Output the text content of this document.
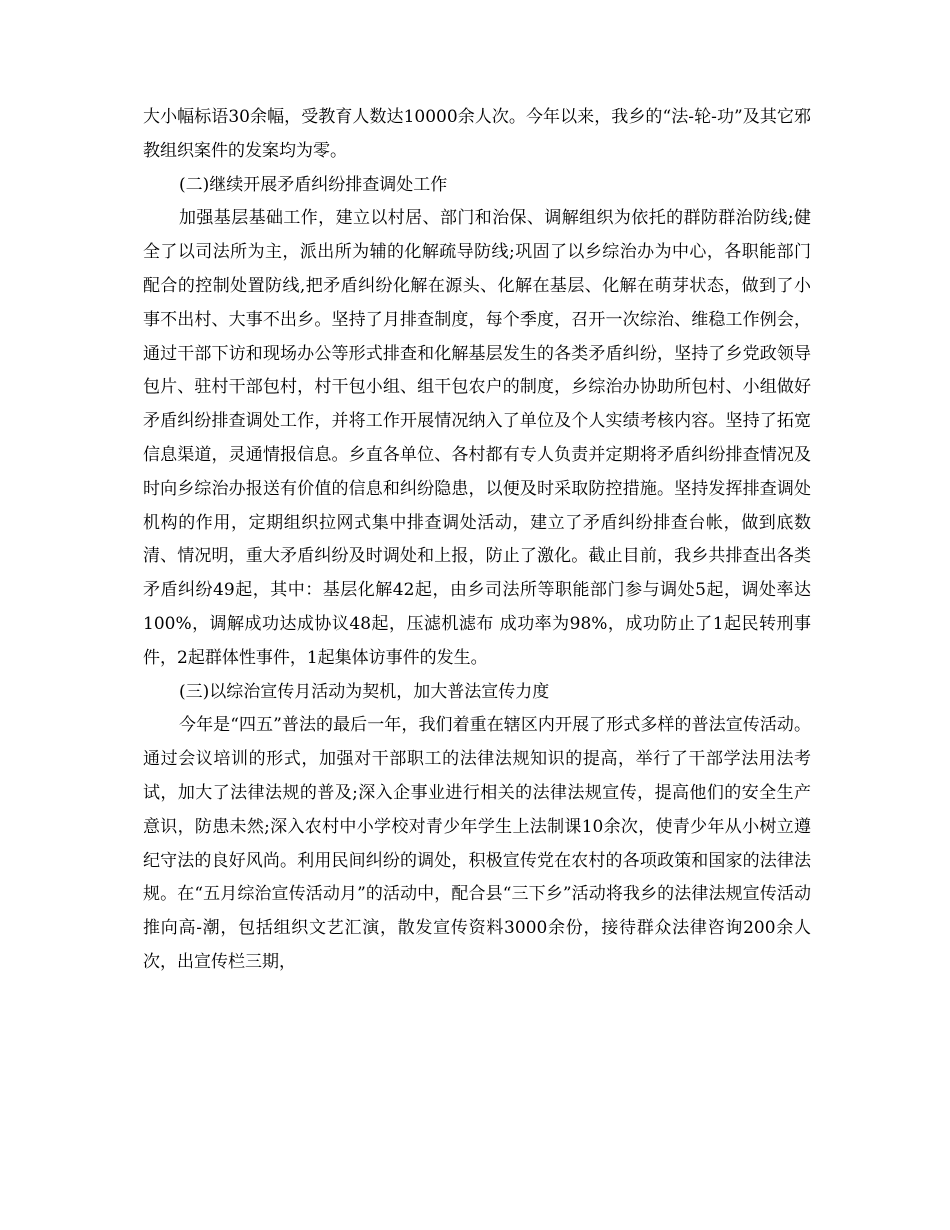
大小幅标语30余幅，受教育人数达10000余人次。今年以来，我乡的“法-轮-功”及其它邪教组织案件的发案均为零。

(二)继续开展矛盾纠纷排查调处工作

加强基层基础工作，建立以村居、部门和治保、调解组织为依托的群防群治防线;健全了以司法所为主，派出所为辅的化解疏导防线;巩固了以乡综治办为中心，各职能部门配合的控制处置防线,把矛盾纠纷化解在源头、化解在基层、化解在萌芽状态，做到了小事不出村、大事不出乡。坚持了月排查制度，每个季度，召开一次综治、维稳工作例会，通过干部下访和现场办公等形式排查和化解基层发生的各类矛盾纠纷，坚持了乡党政领导包片、驻村干部包村，村干包小组、组干包农户的制度，乡综治办协助所包村、小组做好矛盾纠纷排查调处工作，并将工作开展情况纳入了单位及个人实绩考核内容。坚持了拓宽信息渠道，灵通情报信息。乡直各单位、各村都有专人负责并定期将矛盾纠纷排查情况及时向乡综治办报送有价值的信息和纠纷隐患，以便及时采取防控措施。坚持发挥排查调处机构的作用，定期组织拉网式集中排查调处活动，建立了矛盾纠纷排查台帐，做到底数清、情况明，重大矛盾纠纷及时调处和上报，防止了激化。截止目前，我乡共排查出各类矛盾纠纷49起，其中：基层化解42起，由乡司法所等职能部门参与调处5起，调处率达100%，调解成功达成协议48起，压滤机滤布 成功率为98%，成功防止了1起民转刑事件，2起群体性事件，1起集体访事件的发生。

(三)以综治宣传月活动为契机，加大普法宣传力度

今年是“四五”普法的最后一年，我们着重在辖区内开展了形式多样的普法宣传活动。通过会议培训的形式，加强对干部职工的法律法规知识的提高，举行了干部学法用法考试，加大了法律法规的普及;深入企事业进行相关的法律法规宣传，提高他们的安全生产意识，防患未然;深入农村中小学校对青少年学生上法制课10余次，使青少年从小树立遵纪守法的良好风尚。利用民间纠纷的调处，积极宣传党在农村的各项政策和国家的法律法规。在“五月综治宣传活动月”的活动中，配合县“三下乡”活动将我乡的法律法规宣传活动推向高-潮，包括组织文艺汇演，散发宣传资料3000余份，接待群众法律咨询200余人次，出宣传栏三期，
